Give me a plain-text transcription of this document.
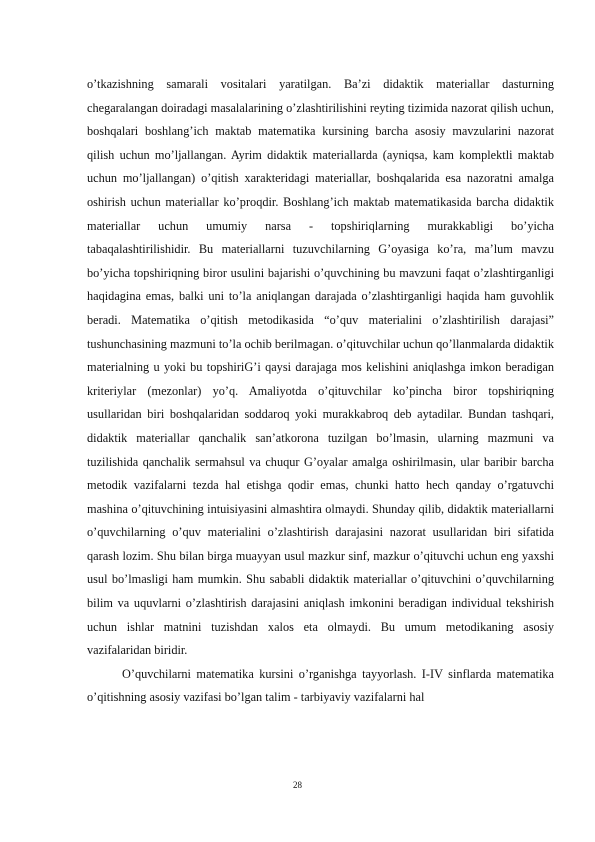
o’tkazishning samarali vositalari yaratilgan. Ba’zi didaktik materiallar dasturning chegaralangan doiradagi masalalarining o’zlashtirilishini reyting tizimida nazorat qilish uchun, boshqalari boshlang’ich maktab matematika kursining barcha asosiy mavzularini nazorat qilish uchun mo’ljallangan. Ayrim didaktik materiallarda (ayniqsa, kam komplektli maktab uchun mo’ljallangan) o’qitish xarakteridagi materiallar, boshqalarida esa nazoratni amalga oshirish uchun materiallar ko’proqdir. Boshlang’ich maktab matematikasida barcha didaktik materiallar uchun umumiy narsa - topshiriqlarning murakkabligi bo’yicha tabaqalashtirilishidir. Bu materiallarni tuzuvchilarning G’oyasiga ko’ra, ma’lum mavzu bo’yicha topshiriqning biror usulini bajarishi o’quvchining bu mavzuni faqat o’zlashtirganligi haqidagina emas, balki uni to’la aniqlangan darajada o’zlashtirganligi haqida ham guvohlik beradi. Matematika o’qitish metodikasida “o’quv materialini o’zlashtirilish darajasi” tushunchasining mazmuni to’la ochib berilmagan. o’qituvchilar uchun qo’llanmalarda didaktik materialning u yoki bu topshiriG’i qaysi darajaga mos kelishini aniqlashga imkon beradigan kriteriylar (mezonlar) yo’q. Amaliyotda o’qituvchilar ko’pincha biror topshiriqning usullaridan biri boshqalaridan soddaroq yoki murakkabroq deb aytadilar. Bundan tashqari, didaktik materiallar qanchalik san’atkorona tuzilgan bo’lmasin, ularning mazmuni va tuzilishida qanchalik sermahsul va chuqur G’oyalar amalga oshirilmasin, ular baribir barcha metodik vazifalarni tezda hal etishga qodir emas, chunki hatto hech qanday o’rgatuvchi mashina o’qituvchining intuisiyasini almashtira olmaydi. Shunday qilib, didaktik materiallarni o’quvchilarning o’quv materialini o’zlashtirish darajasini nazorat usullaridan biri sifatida qarash lozim. Shu bilan birga muayyan usul mazkur sinf, mazkur o’qituvchi uchun eng yaxshi usul bo’lmasligi ham mumkin. Shu sababli didaktik materiallar o’qituvchini o’quvchilarning bilim va uquvlarni o’zlashtirish darajasini aniqlash imkonini beradigan individual tekshirish uchun ishlar matnini tuzishdan xalos eta olmaydi. Bu umum metodikaning asosiy vazifalaridan biridir.

O’quvchilarni matematika kursini o’rganishga tayyorlash. I-IV sinflarda matematika o’qitishning asosiy vazifasi bo’lgan talim - tarbiyaviy vazifalarni hal

28
